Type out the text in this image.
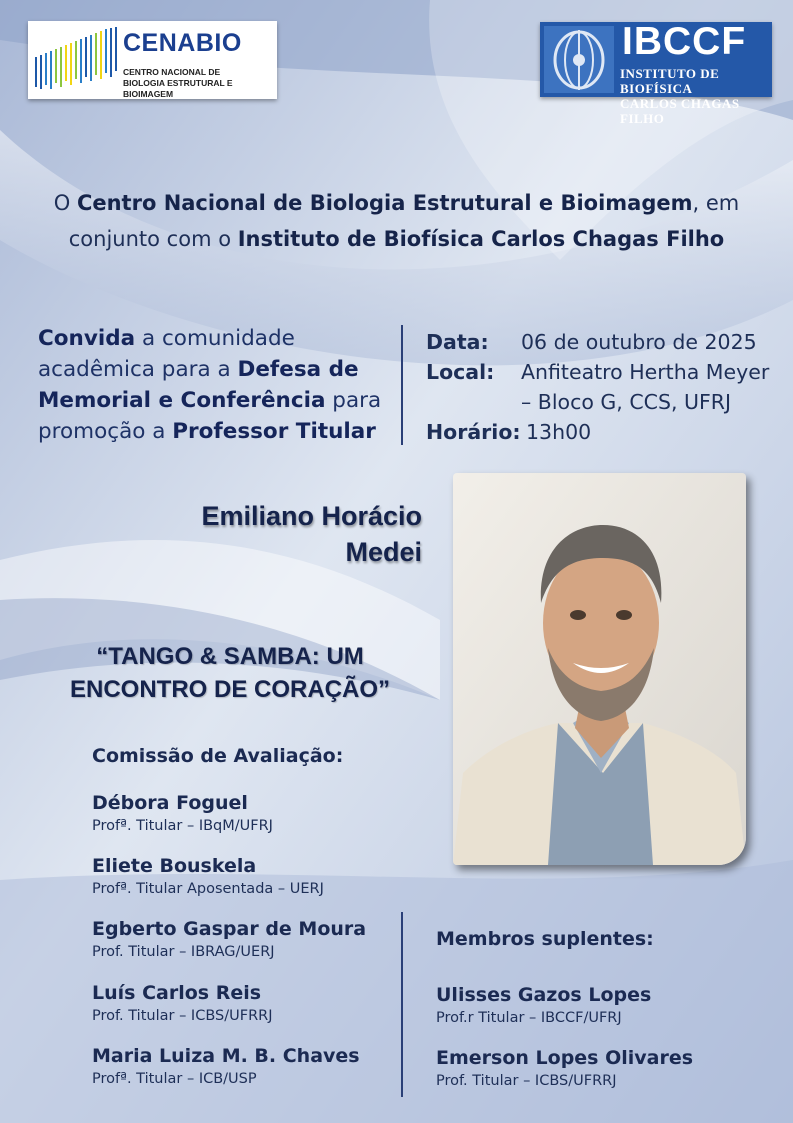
CENABIO
CENTRO NACIONAL DE
BIOLOGIA ESTRUTURAL E BIOIMAGEM
IBCCF
INSTITUTO DE BIOFÍSICA
CARLOS CHAGAS FILHO
O Centro Nacional de Biologia Estrutural e Bioimagem, em conjunto com o Instituto de Biofísica Carlos Chagas Filho
Convida a comunidade acadêmica para a Defesa de Memorial e Conferência para promoção a Professor Titular
Data: 06 de outubro de 2025
Local: Anfiteatro Hertha Meyer
– Bloco G, CCS, UFRJ
Horário: 13h00
Emiliano Horácio
Medei
“TANGO & SAMBA: UM
ENCONTRO DE CORAÇÃO”
Comissão de Avaliação:
Débora Foguel
Profª. Titular – IBqM/UFRJ
Eliete Bouskela
Profª. Titular Aposentada – UERJ
Egberto Gaspar de Moura
Prof. Titular – IBRAG/UERJ
Luís Carlos Reis
Prof. Titular – ICBS/UFRRJ
Maria Luiza M. B. Chaves
Profª. Titular – ICB/USP
Membros suplentes:
Ulisses Gazos Lopes
Prof.r Titular – IBCCF/UFRJ
Emerson Lopes Olivares
Prof. Titular – ICBS/UFRRJ
